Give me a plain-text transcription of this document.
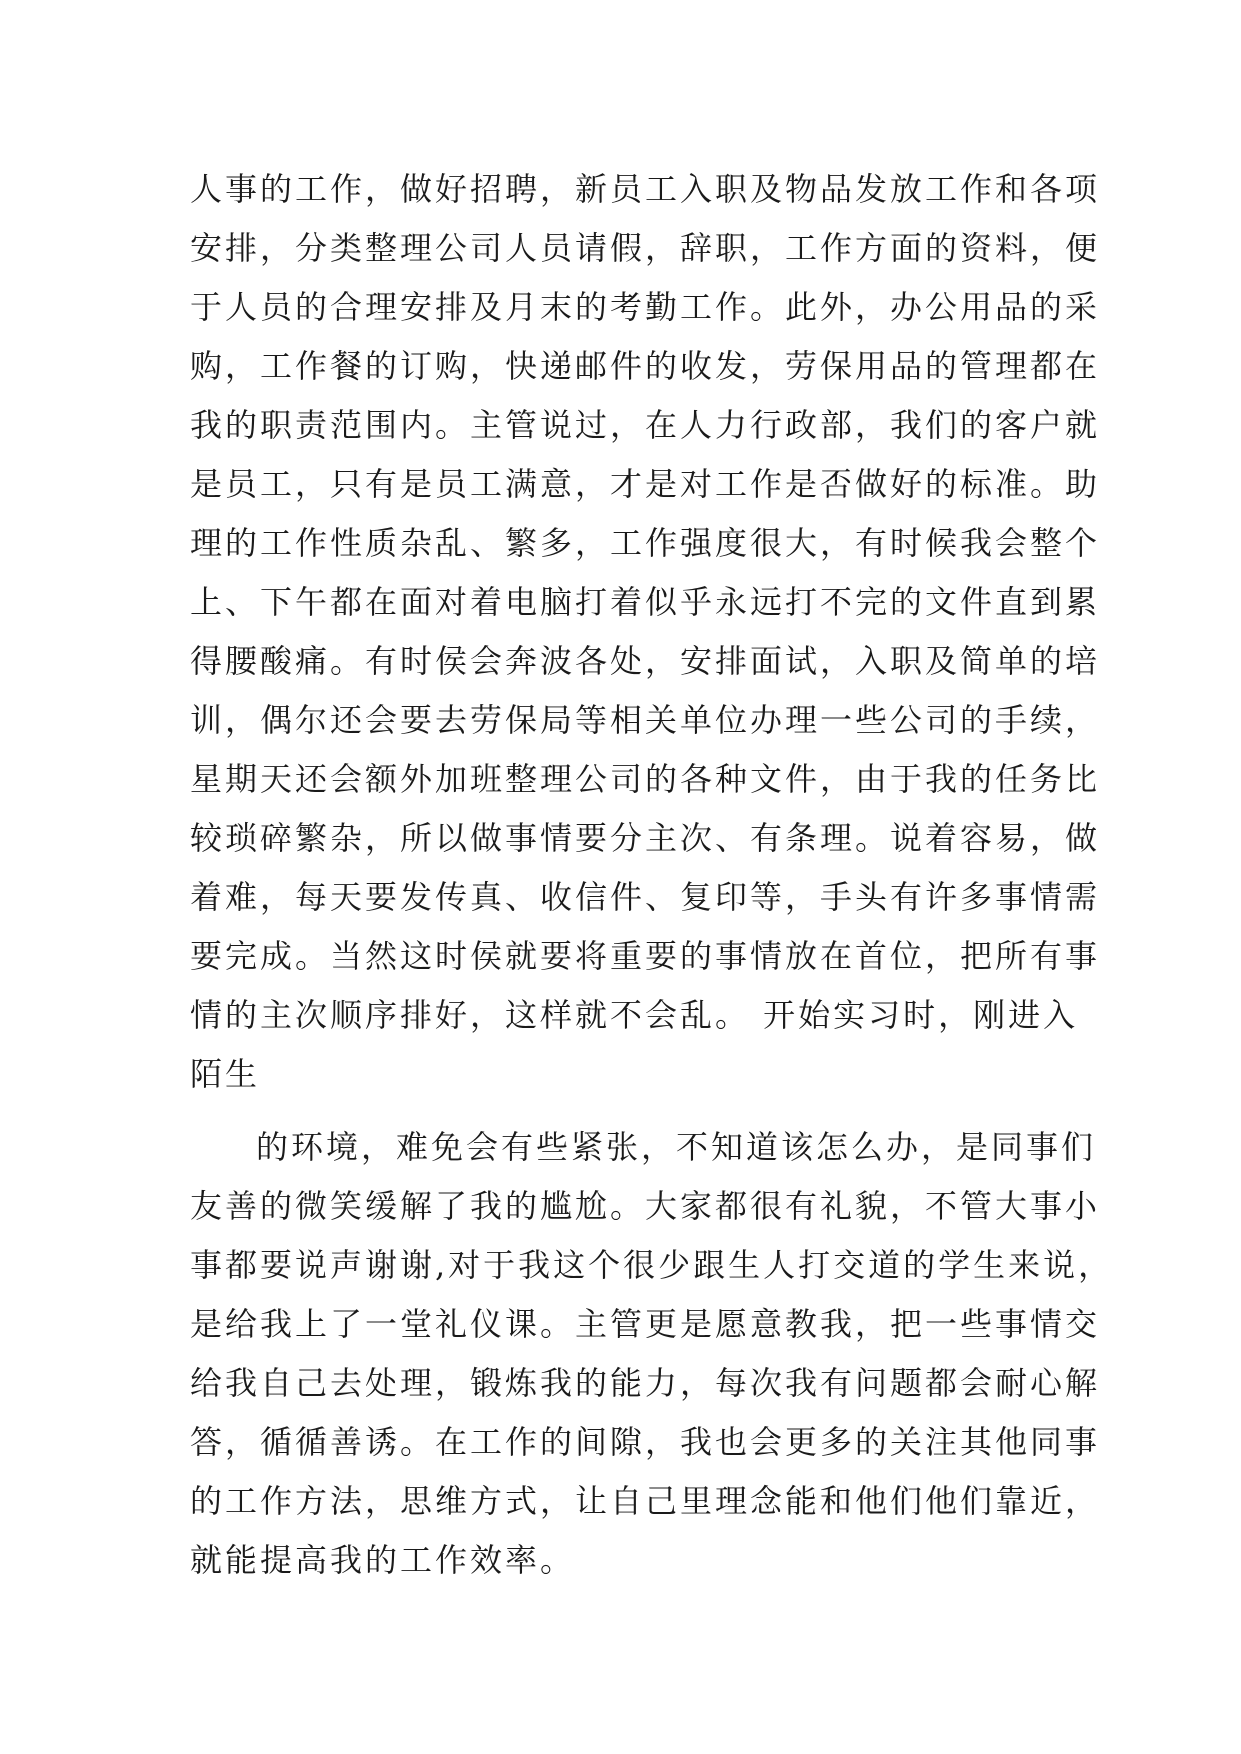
人事的工作，做好招聘，新员工入职及物品发放工作和各项
安排，分类整理公司人员请假，辞职，工作方面的资料，便
于人员的合理安排及月末的考勤工作。此外，办公用品的采
购，工作餐的订购，快递邮件的收发，劳保用品的管理都在
我的职责范围内。主管说过，在人力行政部，我们的客户就
是员工，只有是员工满意，才是对工作是否做好的标准。助
理的工作性质杂乱、繁多，工作强度很大，有时候我会整个
上、下午都在面对着电脑打着似乎永远打不完的文件直到累
得腰酸痛。有时侯会奔波各处，安排面试，入职及简单的培
训，偶尔还会要去劳保局等相关单位办理一些公司的手续，
星期天还会额外加班整理公司的各种文件，由于我的任务比
较琐碎繁杂，所以做事情要分主次、有条理。说着容易，做
着难，每天要发传真、收信件、复印等，手头有许多事情需
要完成。当然这时侯就要将重要的事情放在首位，把所有事
情的主次顺序排好，这样就不会乱。 开始实习时，刚进入
陌生
的环境，难免会有些紧张，不知道该怎么办，是同事们
友善的微笑缓解了我的尴尬。大家都很有礼貌，不管大事小
事都要说声谢谢,对于我这个很少跟生人打交道的学生来说，
是给我上了一堂礼仪课。主管更是愿意教我，把一些事情交
给我自己去处理，锻炼我的能力，每次我有问题都会耐心解
答，循循善诱。在工作的间隙，我也会更多的关注其他同事
的工作方法，思维方式，让自己里理念能和他们他们靠近，
就能提高我的工作效率。
